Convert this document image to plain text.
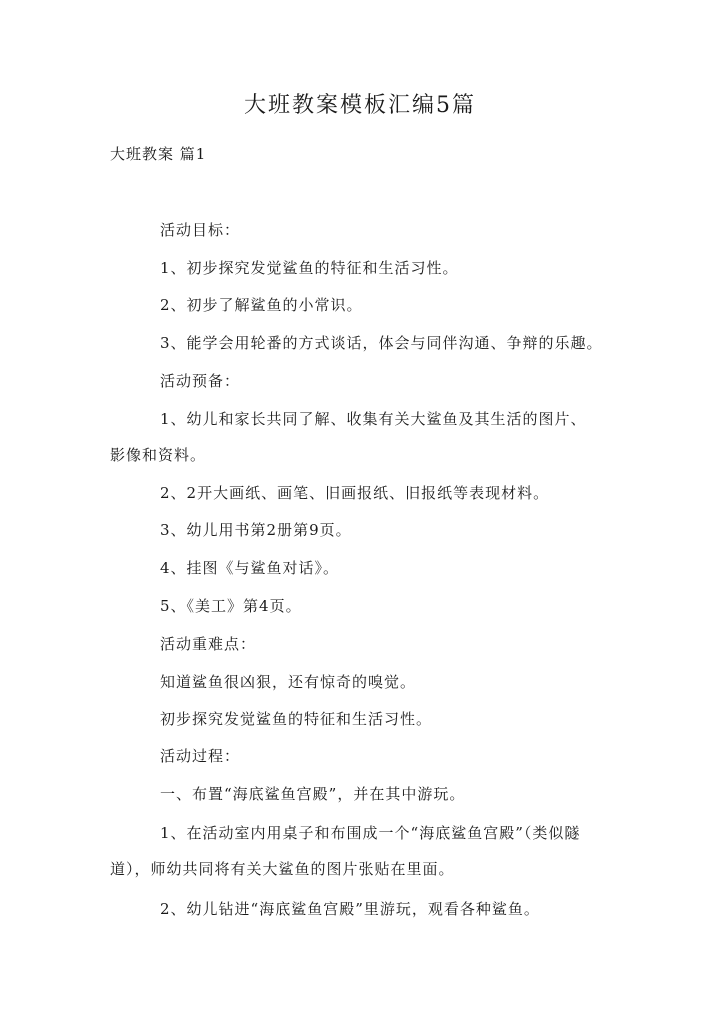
大班教案模板汇编5篇
大班教案 篇1
活动目标：
1、初步探究发觉鲨鱼的特征和生活习性。
2、初步了解鲨鱼的小常识。
3、能学会用轮番的方式谈话，体会与同伴沟通、争辩的乐趣。
活动预备：
1、幼儿和家长共同了解、收集有关大鲨鱼及其生活的图片、
影像和资料。
2、2开大画纸、画笔、旧画报纸、旧报纸等表现材料。
3、幼儿用书第2册第9页。
4、挂图《与鲨鱼对话》。
5、《美工》第4页。
活动重难点：
知道鲨鱼很凶狠，还有惊奇的嗅觉。
初步探究发觉鲨鱼的特征和生活习性。
活动过程：
一、布置“海底鲨鱼宫殿”，并在其中游玩。
1、在活动室内用桌子和布围成一个“海底鲨鱼宫殿”（类似隧
道），师幼共同将有关大鲨鱼的图片张贴在里面。
2、幼儿钻进“海底鲨鱼宫殿”里游玩，观看各种鲨鱼。
